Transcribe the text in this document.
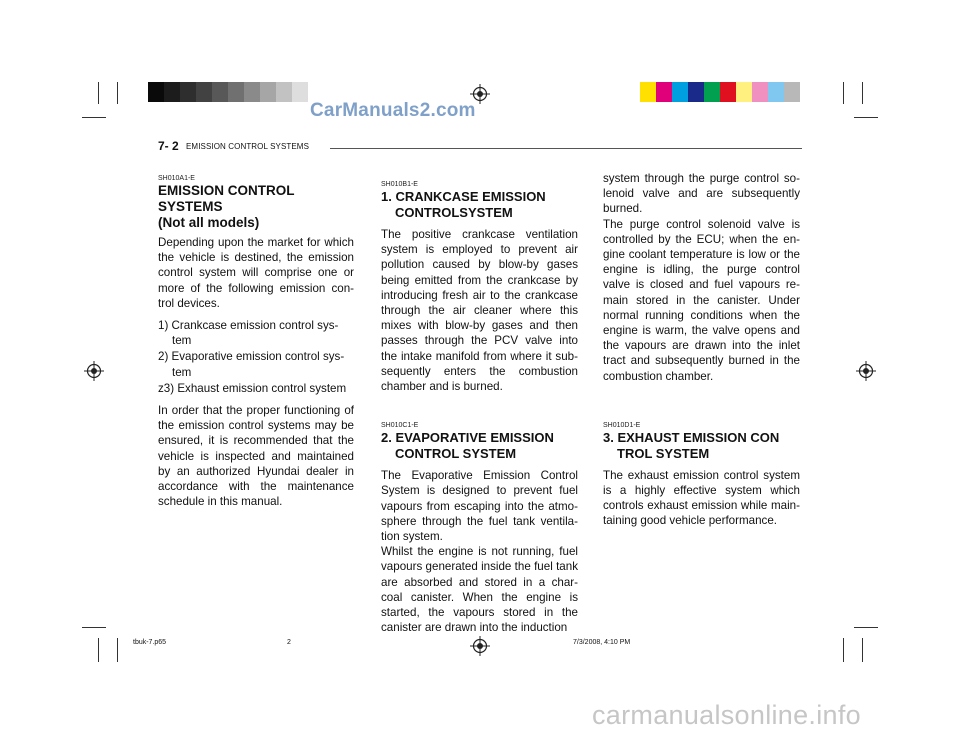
CarManuals2.com
7- 2 EMISSION CONTROL SYSTEMS
SH010A1-E
EMISSION CONTROL SYSTEMS
(Not all models)

Depending upon the market for which the vehicle is destined, the emission control system will comprise one or more of the following emission con- trol devices.

1) Crankcase emission control sys- tem
2) Evaporative emission control sys- tem
z3) Exhaust emission control system

In order that the proper functioning of the emission control systems may be ensured, it is recommended that the vehicle is inspected and maintained by an authorized Hyundai dealer in accordance with the maintenance schedule in this manual.

SH010B1-E
1. CRANKCASE EMISSION
CONTROLSYSTEM

The positive crankcase ventilation system is employed to prevent air pollution caused by blow-by gases being emitted from the crankcase by introducing fresh air to the crankcase through the air cleaner where this mixes with blow-by gases and then passes through the PCV valve into the intake manifold from where it sub- sequently enters the combustion chamber and is burned.

SH010C1-E
2. EVAPORATIVE EMISSION
CONTROL SYSTEM

The Evaporative Emission Control System is designed to prevent fuel vapours from escaping into the atmo- sphere through the fuel tank ventila- tion system.

Whilst the engine is not running, fuel vapours generated inside the fuel tank are absorbed and stored in a char- coal canister. When the engine is started, the vapours stored in the canister are drawn into the induction

system through the purge control so- lenoid valve and are subsequently burned.

The purge control solenoid valve is controlled by the ECU; when the en- gine coolant temperature is low or the engine is idling, the purge control valve is closed and fuel vapours re- main stored in the canister. Under normal running conditions when the engine is warm, the valve opens and the vapours are drawn into the inlet tract and subsequently burned in the combustion chamber.

SH010D1-E
3. EXHAUST EMISSION CON
TROL SYSTEM

The exhaust emission control system is a highly effective system which controls exhaust emission while main- taining good vehicle performance.

tbuk-7.p65	2	7/3/2008, 4:10 PM
carmanualsonline.info
